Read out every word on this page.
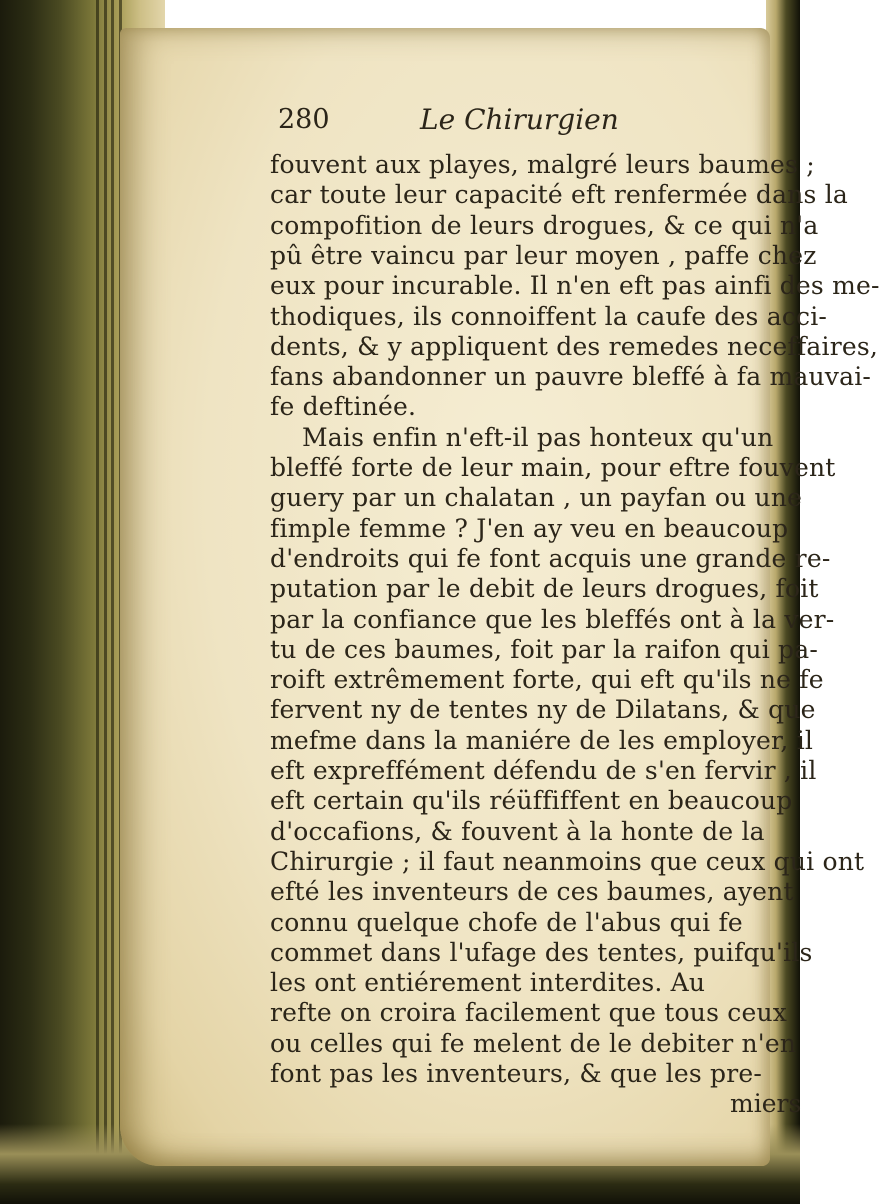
280	Le Chirurgien
fouvent aux playes, malgré leurs baumes ;
car toute leur capacité eft renfermée dans la
compofition de leurs drogues, & ce qui n'a
pû être vaincu par leur moyen , paffe chez
eux pour incurable. Il n'en eft pas ainfi des me-
thodiques, ils connoiffent la caufe des acci-
dents, & y appliquent des remedes neceffaires,
fans abandonner un pauvre bleffé à fa mauvai-
fe deftinée.
Mais enfin n'eft-il pas honteux qu'un
bleffé forte de leur main, pour eftre fouvent
guery par un chalatan , un payfan ou une
fimple femme ? J'en ay veu en beaucoup
d'endroits qui fe font acquis une grande re-
putation par le debit de leurs drogues, foit
par la confiance que les bleffés ont à la ver-
tu de ces baumes, foit par la raifon qui pa-
roift extrêmement forte, qui eft qu'ils ne fe
fervent ny de tentes ny de Dilatans, & que
mefme dans la maniére de les employer, il
eft expreffément défendu de s'en fervir , il
eft certain qu'ils réüffiffent en beaucoup
d'occafions, & fouvent à la honte de la
Chirurgie ; il faut neanmoins que ceux qui ont
efté les inventeurs de ces baumes, ayent
connu quelque chofe de l'abus qui fe
commet dans l'ufage des tentes, puifqu'ils
les ont entiérement interdites. Au
refte on croira facilement que tous ceux
ou celles qui fe melent de le debiter n'en
font pas les inventeurs, & que les pre-
miers
